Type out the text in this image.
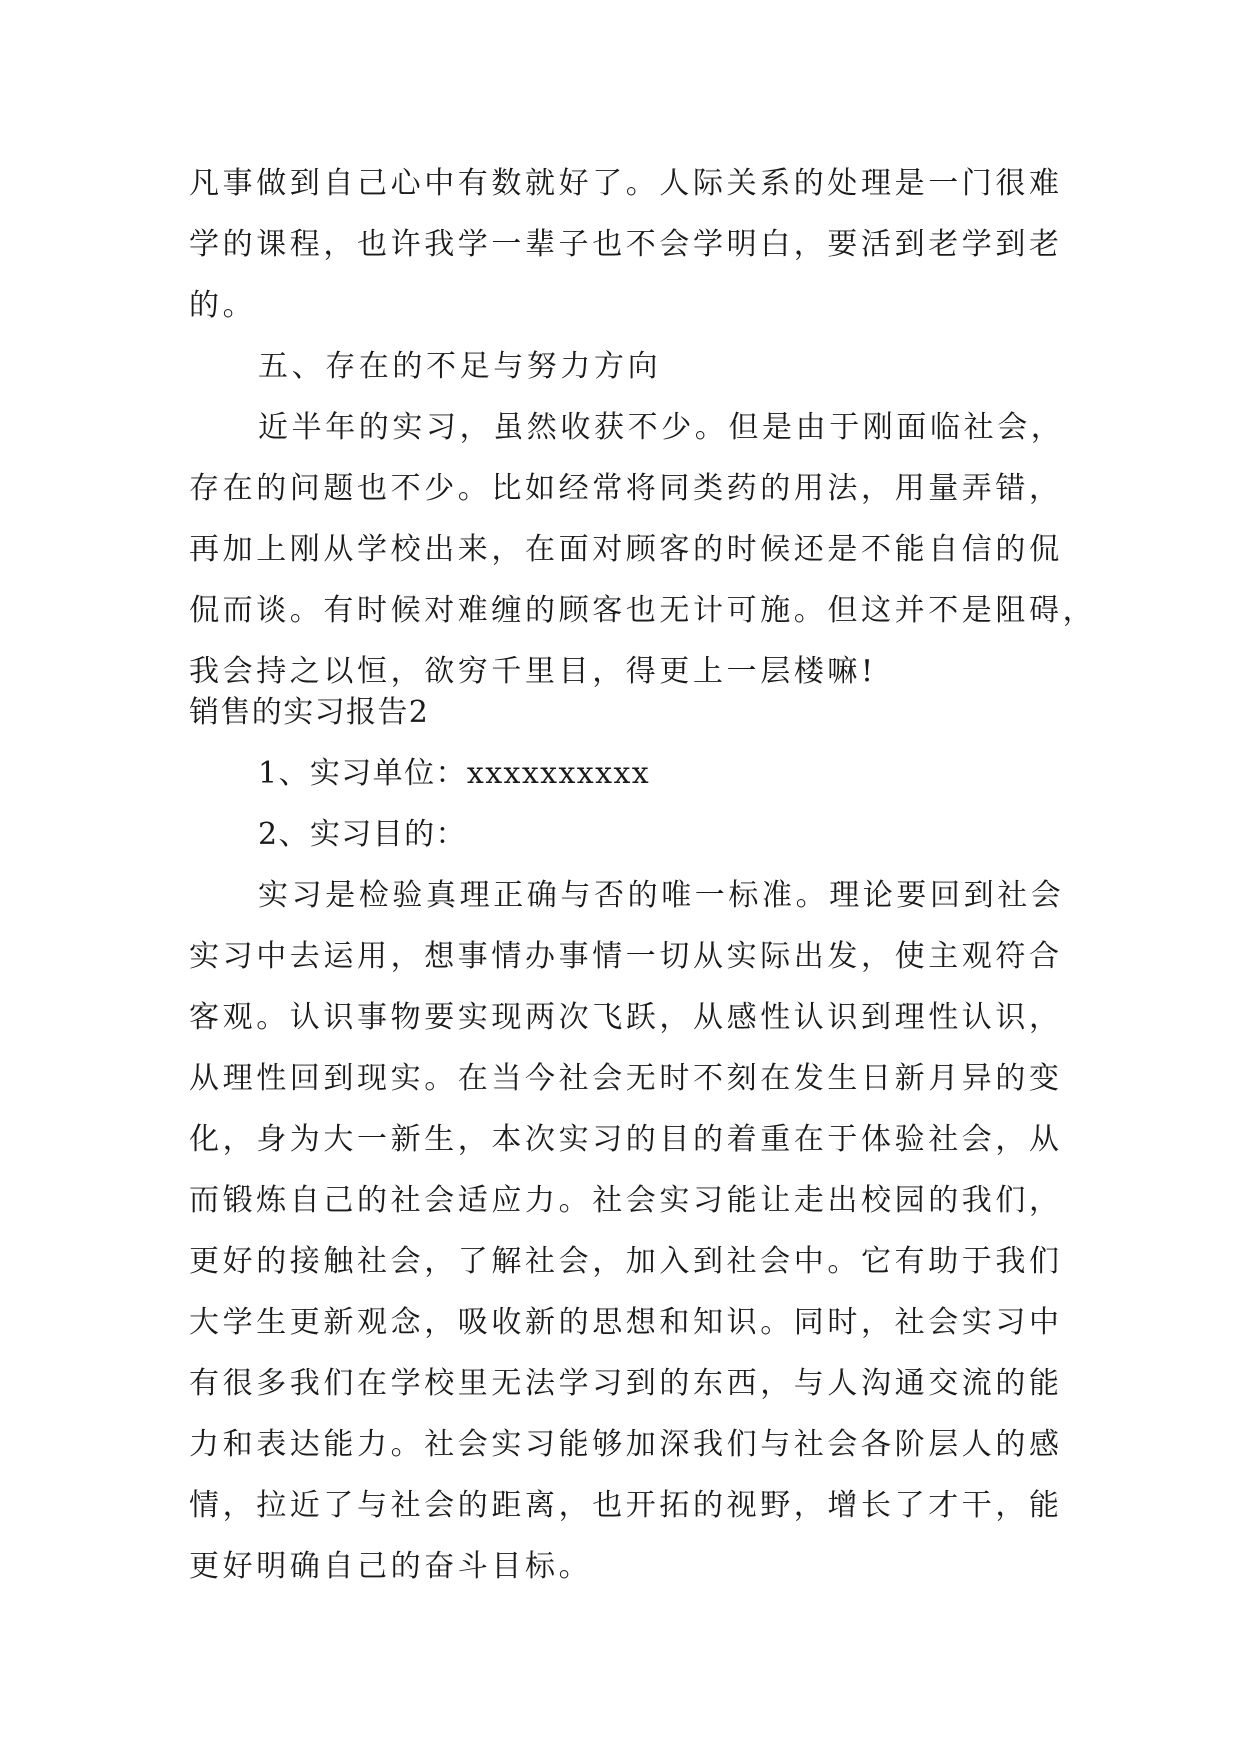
凡事做到自己心中有数就好了。人际关系的处理是一门很难
学的课程，也许我学一辈子也不会学明白，要活到老学到老
的。
五、存在的不足与努力方向
近半年的实习，虽然收获不少。但是由于刚面临社会，
存在的问题也不少。比如经常将同类药的用法，用量弄错，
再加上刚从学校出来，在面对顾客的时候还是不能自信的侃
侃而谈。有时候对难缠的顾客也无计可施。但这并不是阻碍，
我会持之以恒，欲穷千里目，得更上一层楼嘛!
销售的实习报告2
1、实习单位：xxxxxxxxxx
2、实习目的：
实习是检验真理正确与否的唯一标准。理论要回到社会
实习中去运用，想事情办事情一切从实际出发，使主观符合
客观。认识事物要实现两次飞跃，从感性认识到理性认识，
从理性回到现实。在当今社会无时不刻在发生日新月异的变
化，身为大一新生，本次实习的目的着重在于体验社会，从
而锻炼自己的社会适应力。社会实习能让走出校园的我们，
更好的接触社会，了解社会，加入到社会中。它有助于我们
大学生更新观念，吸收新的思想和知识。同时，社会实习中
有很多我们在学校里无法学习到的东西，与人沟通交流的能
力和表达能力。社会实习能够加深我们与社会各阶层人的感
情，拉近了与社会的距离，也开拓的视野，增长了才干，能
更好明确自己的奋斗目标。
